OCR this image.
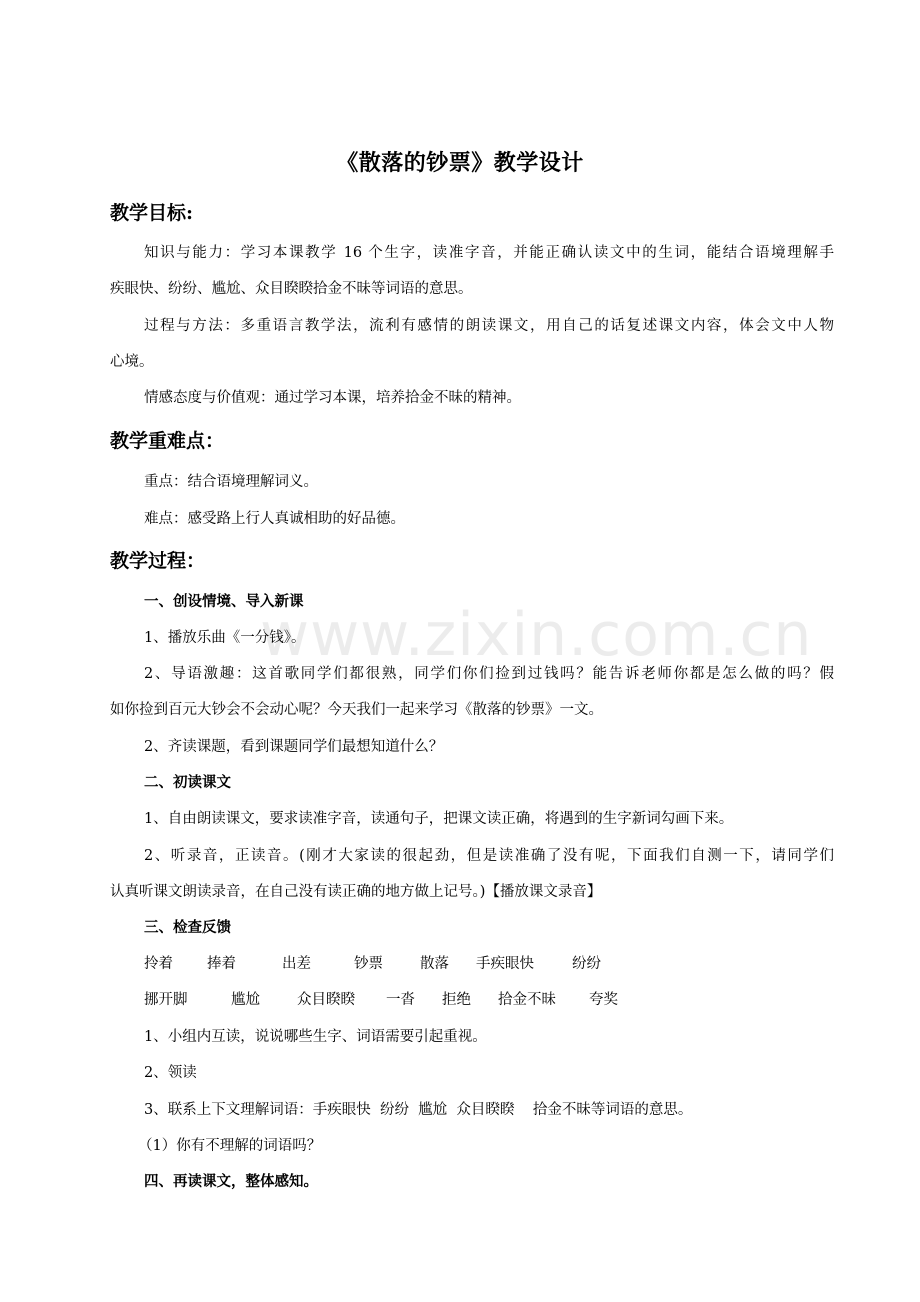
www.zixin.com.cn
《散落的钞票》教学设计
教学目标:
知识与能力：学习本课教学 16 个生字，读准字音，并能正确认读文中的生词，能结合语境理解手
疾眼快、纷纷、尴尬、众目睽睽拾金不昧等词语的意思。
过程与方法：多重语言教学法，流利有感情的朗读课文，用自己的话复述课文内容，体会文中人物
心境。
情感态度与价值观：通过学习本课，培养拾金不昧的精神。
教学重难点：
重点：结合语境理解词义。
难点：感受路上行人真诚相助的好品德。
教学过程：
一、创设情境、导入新课
1、播放乐曲《一分钱》。
2、导语激趣：这首歌同学们都很熟，同学们你们捡到过钱吗？能告诉老师你都是怎么做的吗？假
如你捡到百元大钞会不会动心呢？今天我们一起来学习《散落的钞票》一文。
2、齐读课题，看到课题同学们最想知道什么？
二、初读课文
1、自由朗读课文，要求读准字音，读通句子，把课文读正确，将遇到的生字新词勾画下来。
2、听录音，正读音。(刚才大家读的很起劲，但是读准确了没有呢，下面我们自测一下，请同学们
认真听课文朗读录音，在自己没有读正确的地方做上记号。)【播放课文录音】
三、检查反馈
拎着 捧着	出差	钞票	散落 手疾眼快	纷纷
挪开脚	尴尬	众目睽睽 一沓 拒绝 拾金不昧 夸奖
1、小组内互读，说说哪些生字、词语需要引起重视。
2、领读
3、联系上下文理解词语：手疾眼快  纷纷  尴尬  众目睽睽    拾金不昧等词语的意思。
（1）你有不理解的词语吗？
四、再读课文，整体感知。
